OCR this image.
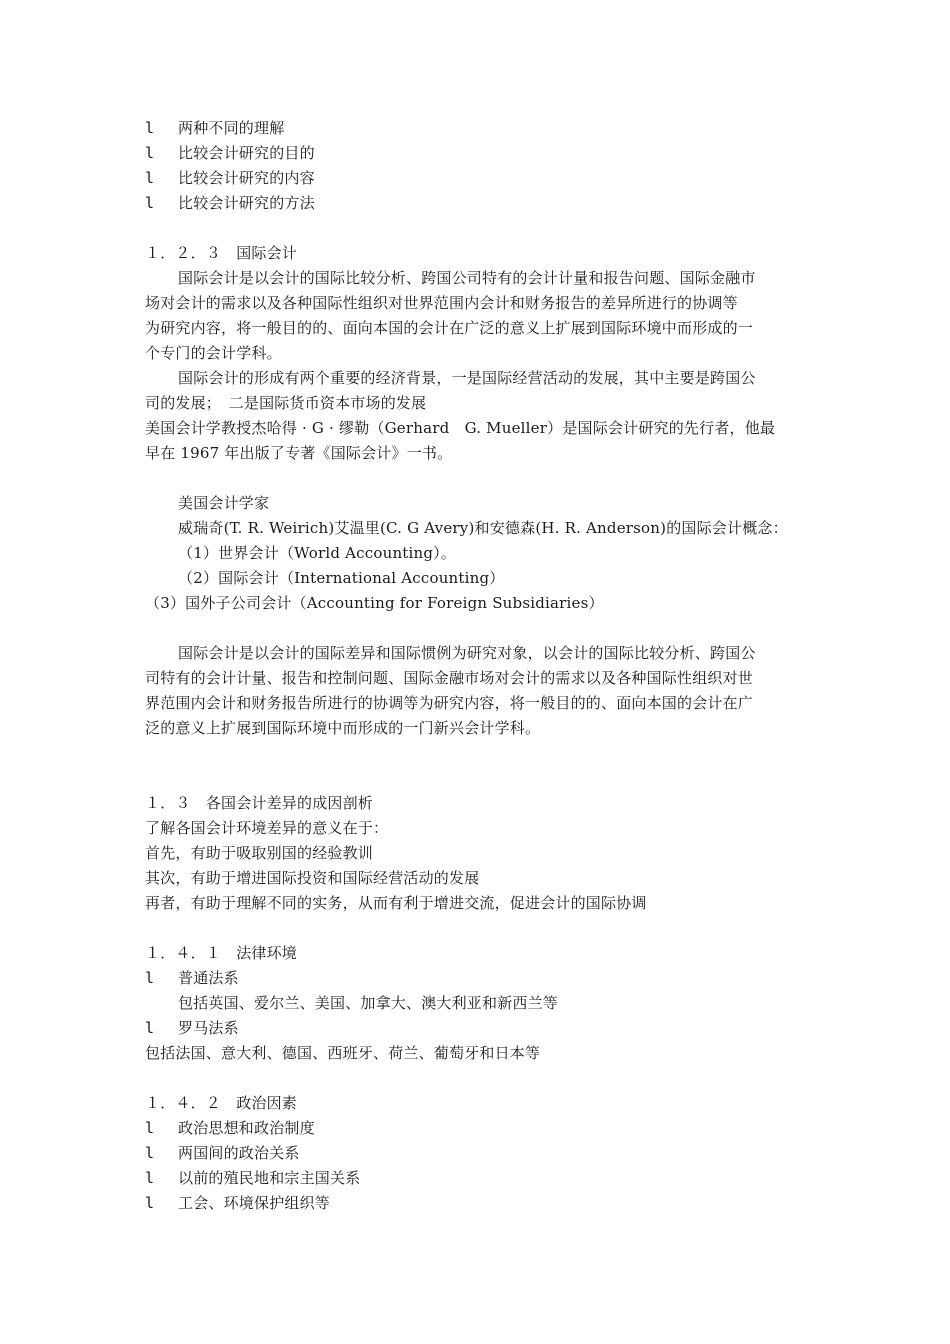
l 两种不同的理解
l 比较会计研究的目的
l 比较会计研究的内容
l 比较会计研究的方法
１．２．３　国际会计
国际会计是以会计的国际比较分析、跨国公司特有的会计计量和报告问题、国际金融市
场对会计的需求以及各种国际性组织对世界范围内会计和财务报告的差异所进行的协调等
为研究内容，将一般目的的、面向本国的会计在广泛的意义上扩展到国际环境中而形成的一
个专门的会计学科。
国际会计的形成有两个重要的经济背景，一是国际经营活动的发展，其中主要是跨国公
司的发展；　二是国际货币资本市场的发展
美国会计学教授杰哈得 · G · 缪勒（Gerhard　G. Mueller）是国际会计研究的先行者，他最
早在 1967 年出版了专著《国际会计》一书。
美国会计学家
威瑞奇(T. R. Weirich)艾温里(C. G Avery)和安德森(H. R. Anderson)的国际会计概念：
（1）世界会计（World Accounting）。
（2）国际会计（International Accounting）
（3）国外子公司会计（Accounting for Foreign Subsidiaries）
国际会计是以会计的国际差异和国际惯例为研究对象，以会计的国际比较分析、跨国公
司特有的会计计量、报告和控制问题、国际金融市场对会计的需求以及各种国际性组织对世
界范围内会计和财务报告所进行的协调等为研究内容，将一般目的的、面向本国的会计在广
泛的意义上扩展到国际环境中而形成的一门新兴会计学科。
１．３　各国会计差异的成因剖析
了解各国会计环境差异的意义在于：
首先，有助于吸取别国的经验教训
其次，有助于增进国际投资和国际经营活动的发展
再者，有助于理解不同的实务，从而有利于增进交流，促进会计的国际协调
１．４．１　法律环境
l 普通法系
包括英国、爱尔兰、美国、加拿大、澳大利亚和新西兰等
l 罗马法系
包括法国、意大利、德国、西班牙、荷兰、葡萄牙和日本等
１．４．２　政治因素
l 政治思想和政治制度
l 两国间的政治关系
l 以前的殖民地和宗主国关系
l 工会、环境保护组织等
